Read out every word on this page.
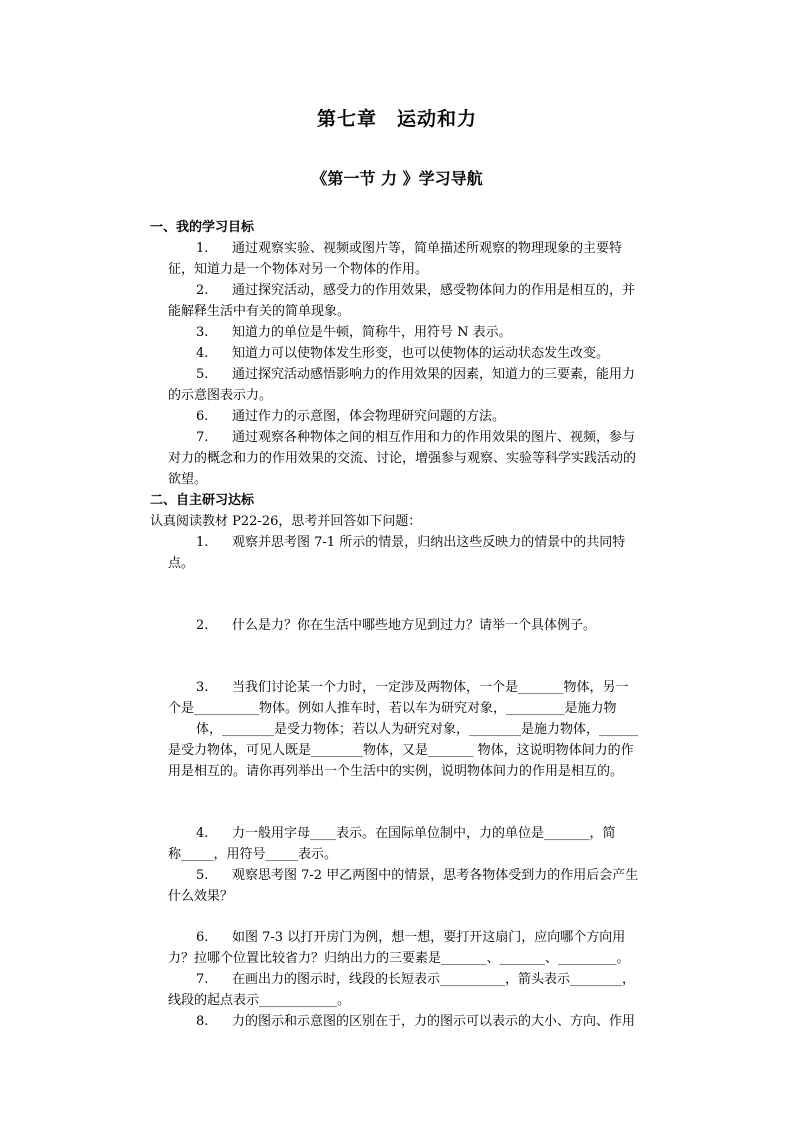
第七章　运动和力
《第一节 力 》学习导航
一、我的学习目标
1. 通过观察实验、视频或图片等，简单描述所观察的物理现象的主要特
征，知道力是一个物体对另一个物体的作用。
2. 通过探究活动，感受力的作用效果，感受物体间力的作用是相互的，并
能解释生活中有关的简单现象。
3. 知道力的单位是牛顿，简称牛，用符号 N 表示。
4. 知道力可以使物体发生形变，也可以使物体的运动状态发生改变。
5. 通过探究活动感悟影响力的作用效果的因素，知道力的三要素，能用力
的示意图表示力。
6. 通过作力的示意图，体会物理研究问题的方法。
7. 通过观察各种物体之间的相互作用和力的作用效果的图片、视频，参与
对力的概念和力的作用效果的交流、讨论，增强参与观察、实验等科学实践活动的
欲望。
二、自主研习达标
认真阅读教材 P22-26，思考并回答如下问题：
1. 观察并思考图 7-1 所示的情景，归纳出这些反映力的情景中的共同特
点。
2. 什么是力？你在生活中哪些地方见到过力？请举一个具体例子。
3. 当我们讨论某一个力时，一定涉及两物体，一个是_______物体，另一
个是__________物体。例如人推车时，若以车为研究对象，_________是施力物
体，________是受力物体；若以人为研究对象，________是施力物体，______
是受力物体，可见人既是________物体，又是_______ 物体，这说明物体间力的作
用是相互的。请你再列举出一个生活中的实例，说明物体间力的作用是相互的。
4. 力一般用字母____表示。在国际单位制中，力的单位是_______，简
称_____，用符号_____表示。
5. 观察思考图 7-2 甲乙两图中的情景，思考各物体受到力的作用后会产生
什么效果？
6. 如图 7-3 以打开房门为例，想一想，要打开这扇门，应向哪个方向用
力？拉哪个位置比较省力？归纳出力的三要素是_______、_______、_________。
7. 在画出力的图示时，线段的长短表示__________，箭头表示________，
线段的起点表示____________。
8. 力的图示和示意图的区别在于，力的图示可以表示的大小、方向、作用
